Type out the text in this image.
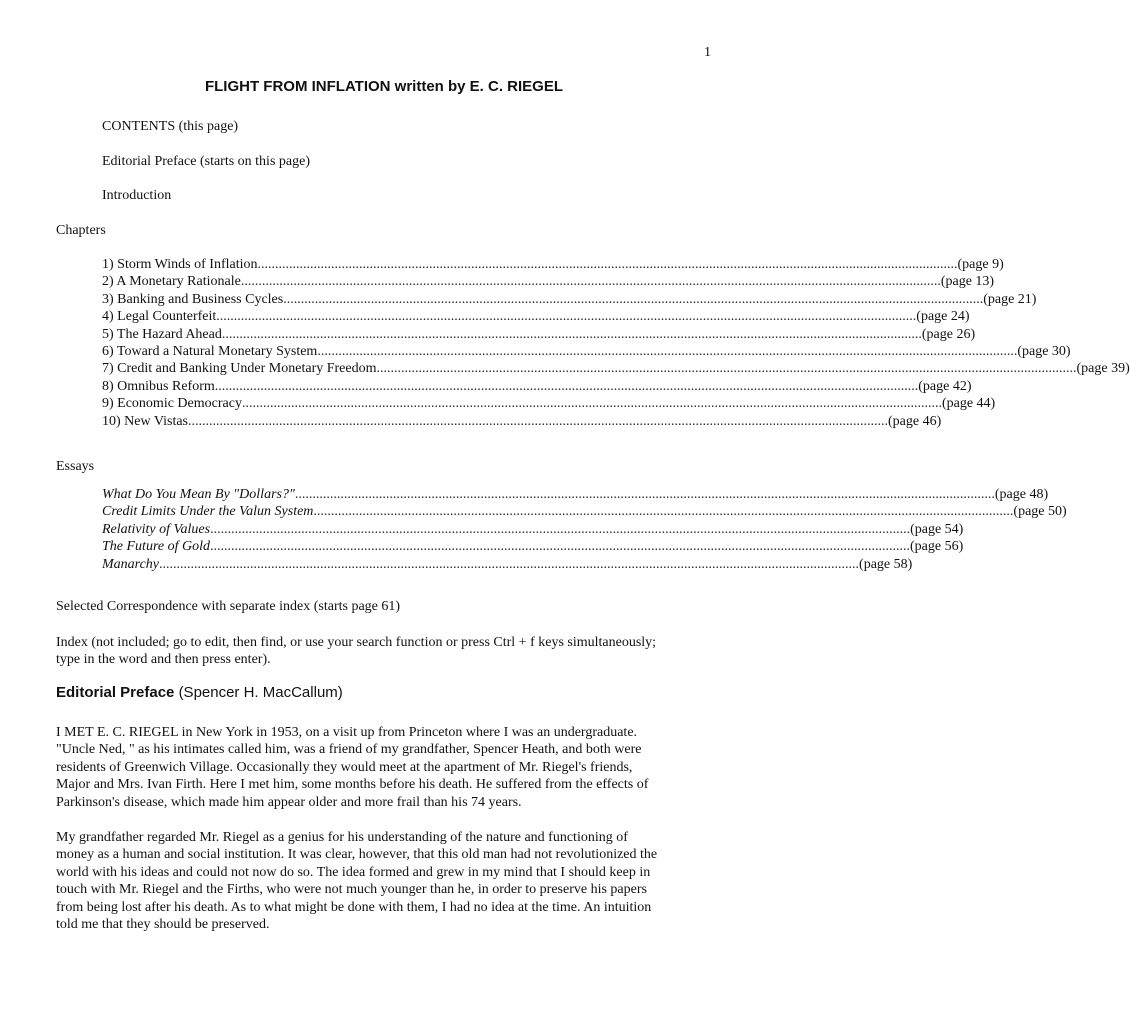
1
FLIGHT FROM INFLATION written by E. C. RIEGEL
CONTENTS (this page)
Editorial Preface (starts on this page)
Introduction
Chapters
1) Storm Winds of Inflation ........................................................................................................................................................................................................ (page 9)
2) A Monetary Rationale ........................................................................................................................................................................................................ (page 13)
3) Banking and Business Cycles ........................................................................................................................................................................................................ (page 21)
4) Legal Counterfeit ........................................................................................................................................................................................................ (page 24)
5) The Hazard Ahead ........................................................................................................................................................................................................ (page 26)
6) Toward a Natural Monetary System ........................................................................................................................................................................................................ (page 30)
7) Credit and Banking Under Monetary Freedom ........................................................................................................................................................................................................ (page 39)
8) Omnibus Reform. ........................................................................................................................................................................................................ (page 42)
9) Economic Democracy ........................................................................................................................................................................................................ (page 44)
10) New Vistas ........................................................................................................................................................................................................ (page 46)
Essays
What Do You Mean By "Dollars?" ........................................................................................................................................................................................................ (page 48)
Credit Limits Under the Valun System ........................................................................................................................................................................................................ (page 50)
Relativity of Values ........................................................................................................................................................................................................ (page 54)
The Future of Gold ........................................................................................................................................................................................................ (page 56)
Manarchy ........................................................................................................................................................................................................ (page 58)
Selected Correspondence with separate index (starts page 61)
Index (not included; go to edit, then find, or use your search function or press Ctrl + f keys simultaneously;
type in the word and then press enter).
Editorial Preface (Spencer H. MacCallum)
I MET E. C. RIEGEL in New York in 1953, on a visit up from Princeton where I was an undergraduate.
"Uncle Ned, " as his intimates called him, was a friend of my grandfather, Spencer Heath, and both were
residents of Greenwich Village. Occasionally they would meet at the apartment of Mr. Riegel's friends,
Major and Mrs. Ivan Firth. Here I met him, some months before his death. He suffered from the effects of
Parkinson's disease, which made him appear older and more frail than his 74 years.
My grandfather regarded Mr. Riegel as a genius for his understanding of the nature and functioning of
money as a human and social institution. It was clear, however, that this old man had not revolutionized the
world with his ideas and could not now do so. The idea formed and grew in my mind that I should keep in
touch with Mr. Riegel and the Firths, who were not much younger than he, in order to preserve his papers
from being lost after his death. As to what might be done with them, I had no idea at the time. An intuition
told me that they should be preserved.
